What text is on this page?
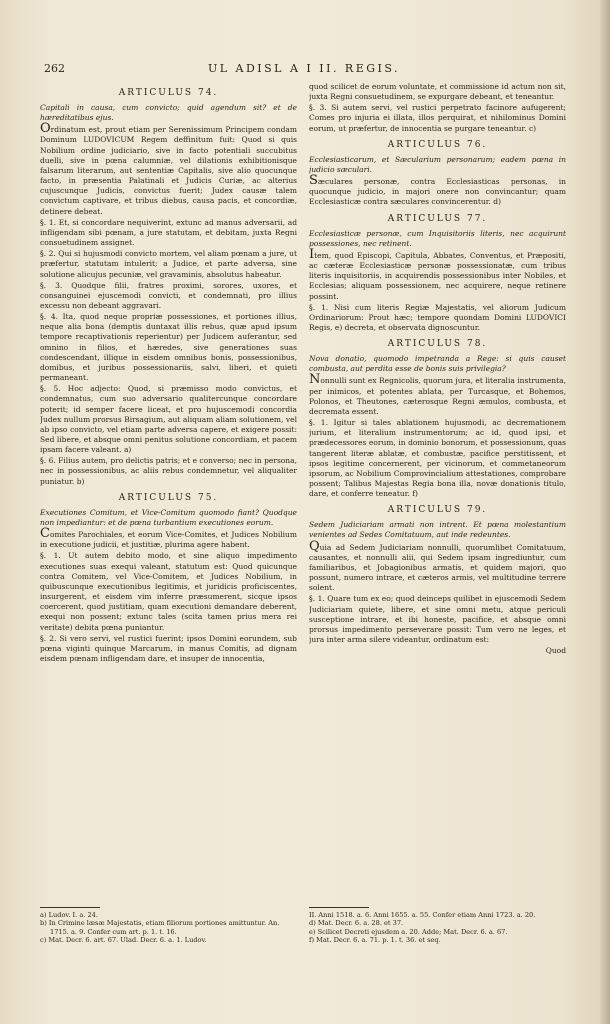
262	UL ADISL A I II. REGIS.
ARTICULUS 74.

Capitali in causa, cum convicto; quid agendum sit? et de hæreditatibus ejus.

Ordinatum est, prout etiam per Serenissimum Principem condam Dominum LUDOVICUM Regem deffinitum fuit: Quod si quis Nobilium ordine judiciario, sive in facto potentiali succubitus duelli, sive in pœna calumniæ, vel dilationis exhibitionisque falsarum literarum, aut sententiæ Capitalis, sive alio quocunque facto, in præsentia Palatinali et Judicis Curiæ, ac alterius cujuscunque Judicis, convictus fuerit; Judex causæ talem convictum captivare, et tribus diebus, causa pacis, et concordiæ, detinere debeat.

§. 1. Et, si concordare nequiverint, extunc ad manus adversarii, ad infligendam sibi pœnam, a jure statutam, et debitam, juxta Regni consuetudinem assignet.

§. 2. Qui si hujusmodi convicto mortem, vel aliam pœnam a jure, ut præfertur, statutam intulerit; a Judice, et parte adversa, sine solutione alicujus pecuniæ, vel gravaminis, absolutus habeatur.

§. 3. Quodque filii, fratres proximi, sorores, uxores, et consanguinei ejuscemodi convicti, et condemnati, pro illius excessu non debeant aggravari.

§. 4. Ita, quod neque propriæ possessiones, et portiones illius, neque alia bona (demptis duntaxat illis rebus, quæ apud ipsum tempore recaptivationis reperientur) per Judicem auferantur, sed omnino in filios, et hæredes, sive generationes suas condescendant, illique in eisdem omnibus bonis, possessionibus, domibus, et juribus possessionariis, salvi, liberi, et quieti permaneant.

§. 5. Hoc adjecto: Quod, si præmisso modo convictus, et condemnatus, cum suo adversario qualitercunque concordare poterit; id semper facere liceat, et pro hujuscemodi concordia Judex nullum prorsus Birsagium, aut aliquam aliam solutionem, vel ab ipso convicto, vel etiam parte adversa capere, et exigere possit: Sed libere, et absque omni penitus solutione concordiam, et pacem ipsam facere valeant. a)

§. 6. Filius autem, pro delictis patris; et e converso; nec in persona, nec in possessionibus, ac aliis rebus condemnetur, vel aliqualiter puniatur. b)

ARTICULUS 75.

Executiones Comitum, et Vice-Comitum quomodo fiant? Quodque non impediantur: et de pœna turbantium executiones eorum.

Comites Parochiales, et eorum Vice-Comites, et Judices Nobilium in executione judicii, et justitiæ, plurima agere habent.

§. 1. Ut autem debito modo, et sine aliquo impedimento executiones suas exequi valeant, statutum est: Quod quicunque contra Comitem, vel Vice-Comitem, et Judices Nobilium, in quibuscunque executionibus legitimis, et juridicis proficiscentes, insurgerent, et eisdem vim inferre præsumerent, sicque ipsos coercerent, quod justitiam, quam executioni demandare deberent, exequi non possent; extunc tales (scita tamen prius mera rei veritate) debita pœna puniantur.

§. 2. Si vero servi, vel rustici fuerint; ipsos Domini eorundem, sub pœna viginti quinque Marcarum, in manus Comitis, ad dignam eisdem pœnam infligendam dare, et insuper de innocentia,

quod scilicet de eorum voluntate, et commissione id actum non sit, juxta Regni consuetudinem, se expurgare debeant, et teneantur.

§. 3. Si autem servi, vel rustici perpetrato facinore aufugerent; Comes pro injuria ei illata, illos perquirat, et nihilominus Domini eorum, ut præfertur, de innocentia se purgare teneantur. c)

ARTICULUS 76.

Ecclesiasticarum, et Sæcularium personarum; eadem pœna in judicio sæculari.

Sæculares personæ, contra Ecclesiasticas personas, in quocunque judicio, in majori onere non convincantur; quam Ecclesiasticæ contra sæculares convincerentur. d)

ARTICULUS 77.

Ecclesiasticæ personæ, cum Inquisitoriis literis, nec acquirunt possessiones, nec retinent.

Item, quod Episcopi, Capitula, Abbates, Conventus, et Præpositi, ac cæteræ Ecclesiasticæ personæ possessionatæ, cum tribus literis inquisitoriis, in acquirendis possessionibus inter Nobiles, et Ecclesias; aliquam possessionem, nec acquirere, neque retinere possint.

§. 1. Nisi cum literis Regiæ Majestatis, vel aliorum Judicum Ordinariorum: Prout hæc; tempore quondam Domini LUDOVICI Regis, e) decreta, et observata dignoscuntur.

ARTICULUS 78.

Nova donatio, quomodo impetranda a Rege: si quis causet combusta, aut perdita esse de bonis suis privilegia?

Nonnulli sunt ex Regnicolis, quorum jura, et literalia instrumenta, per inimicos, et potentes ablata, per Turcasque, et Bohemos, Polonos, et Theutones, cæterosque Regni æmulos, combusta, et decremata essent.

§. 1. Igitur si tales ablationem hujusmodi, ac decremationem jurium, et literalium instrumentorum; ac id, quod ipsi, et prædecessores eorum, in dominio bonorum, et possessionum, quas tangerent literæ ablatæ, et combustæ, pacifice perstitissent, et ipsos legitime concernerent, per vicinorum, et commetaneorum ipsorum, ac Nobilium Comprovincialium attestationes, comprobare possent; Talibus Majestas Regia bona illa, novæ donationis titulo, dare, et conferre teneatur. f)

ARTICULUS 79.

Sedem Judiciariam armati non intrent. Et pœna molestantium venientes ad Sedes Comitatuum, aut inde redeuntes.

Quia ad Sedem Judiciariam nonnulli, quorumlibet Comitatuum, causantes, et nonnulli alii, qui Sedem ipsam ingrediuntur, cum familiaribus, et Jobagionibus armatis, et quidem majori, quo possunt, numero intrare, et cæteros armis, vel multitudine terrere solent.

§. 1. Quare tum ex eo; quod deinceps quilibet in ejuscemodi Sedem Judiciariam quiete, libere, et sine omni metu, atque periculi susceptione intrare, et ibi honeste, pacifice, et absque omni prorsus impedimento perseverare possit: Tum vero ne leges, et jura inter arma silere videantur, ordinatum est:

Quod

a) Ludov. I. a. 24.

b) In Crimine læsæ Majestatis, etiam filiorum portiones amittuntur. An. 1715. a. 9. Confer cum art. p. 1. t. 16.

c) Mat. Decr. 6. art. 67. Ulad. Decr. 6. a. 1. Ludov.

II. Anni 1518. a. 6. Anni 1655. a. 55. Confer etiam Anni 1723. a. 20.

d) Mat. Decr. 6. a. 28. et 37.

e) Scilicet Decreti ejusdem a. 20. Adde; Mat. Decr. 6. a. 67.

f) Mat. Decr. 6. a. 71. p. 1. t. 36. et seq.
